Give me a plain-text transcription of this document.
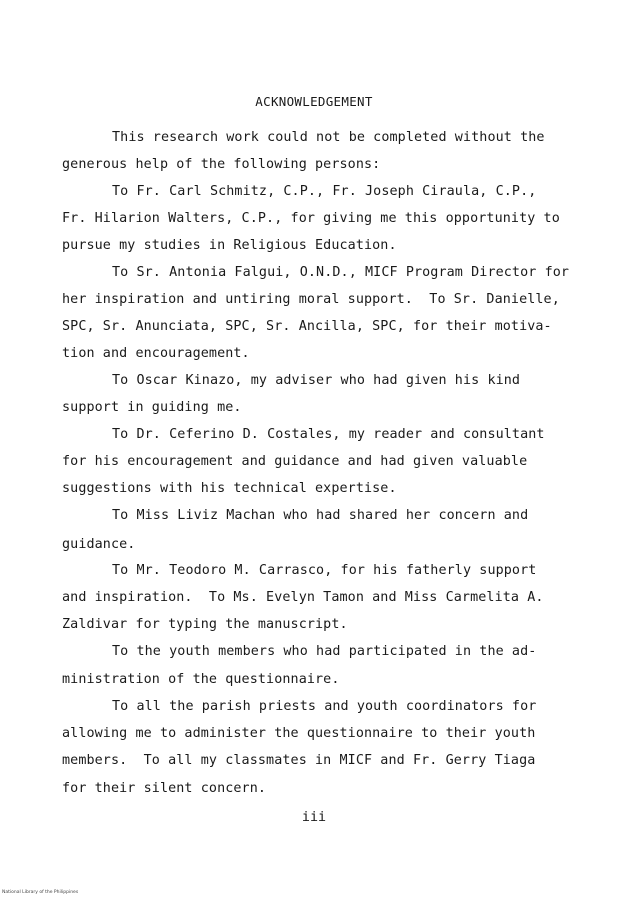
ACKNOWLEDGEMENT
This research work could not be completed without the
generous help of the following persons:
To Fr. Carl Schmitz, C.P., Fr. Joseph Ciraula, C.P.,
Fr. Hilarion Walters, C.P., for giving me this opportunity to
pursue my studies in Religious Education.
To Sr. Antonia Falgui, O.N.D., MICF Program Director for
her inspiration and untiring moral support.  To Sr. Danielle,
SPC, Sr. Anunciata, SPC, Sr. Ancilla, SPC, for their motiva-
tion and encouragement.
To Oscar Kinazo, my adviser who had given his kind
support in guiding me.
To Dr. Ceferino D. Costales, my reader and consultant
for his encouragement and guidance and had given valuable
suggestions with his technical expertise.
To Miss Liviz Machan who had shared her concern and
guidance.
To Mr. Teodoro M. Carrasco, for his fatherly support
and inspiration.  To Ms. Evelyn Tamon and Miss Carmelita A.
Zaldivar for typing the manuscript.
To the youth members who had participated in the ad-
ministration of the questionnaire.
To all the parish priests and youth coordinators for
allowing me to administer the questionnaire to their youth
members.  To all my classmates in MICF and Fr. Gerry Tiaga
for their silent concern.
iii
National Library of the Philippines
